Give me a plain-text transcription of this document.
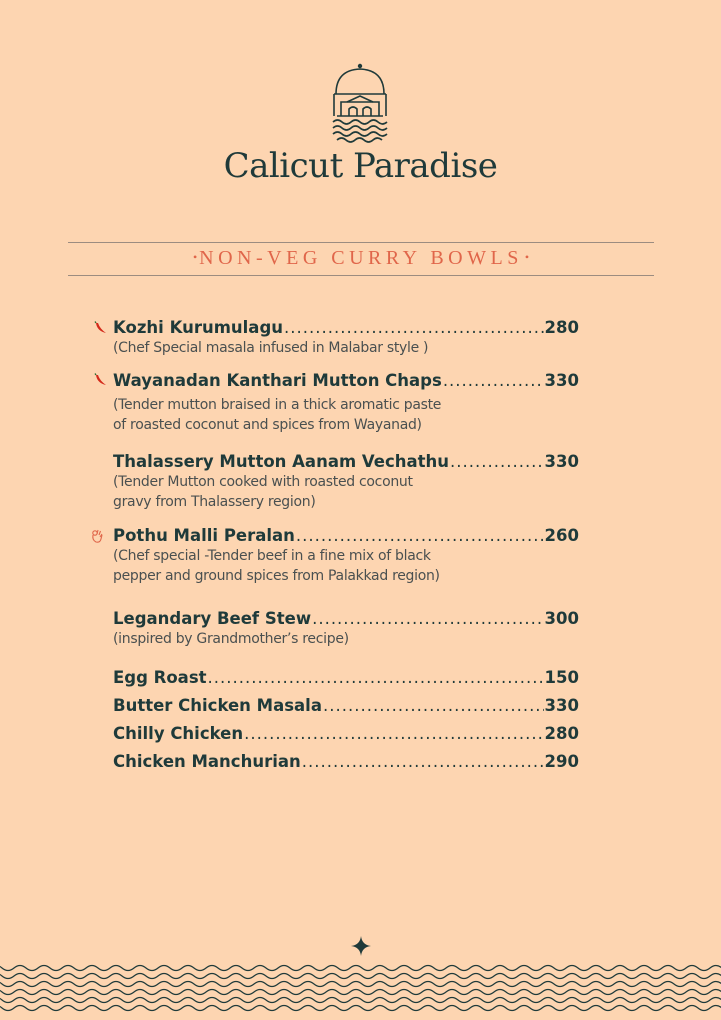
Calicut Paradise
• NON-VEG CURRY BOWLS •
Kozhi Kurumulagu .....	280
(Chef Special masala infused in Malabar style )
Wayanadan Kanthari Mutton Chaps .....	330
(Tender mutton braised in a thick aromatic paste
of roasted coconut and spices from Wayanad)
Thalassery Mutton Aanam Vechathu .....	330
(Tender Mutton cooked with roasted coconut
gravy from Thalassery region)
Pothu Malli Peralan .....	260
(Chef special -Tender beef in a fine mix of black
pepper and ground spices from Palakkad region)
Legandary Beef Stew .....	300
(inspired by Grandmother’s recipe)
Egg Roast .....	150
Butter Chicken Masala .....	330
Chilly Chicken .....	280
Chicken Manchurian .....	290
